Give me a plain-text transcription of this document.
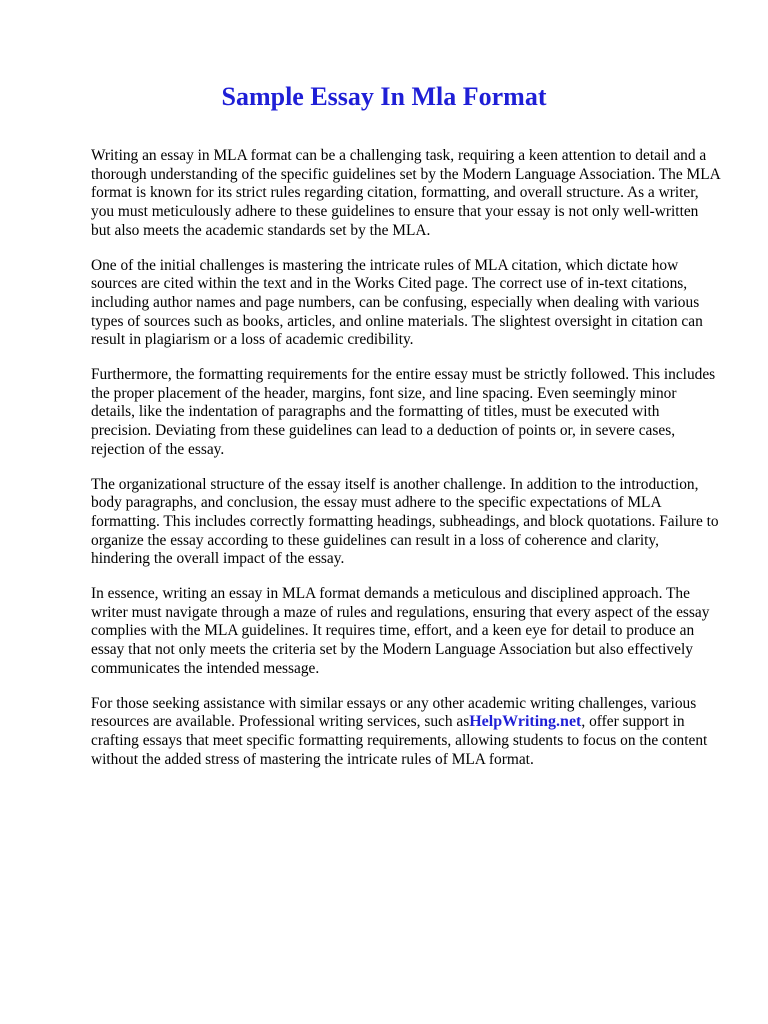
Sample Essay In Mla Format

Writing an essay in MLA format can be a challenging task, requiring a keen attention to detail and a thorough understanding of the specific guidelines set by the Modern Language Association. The MLA format is known for its strict rules regarding citation, formatting, and overall structure. As a writer, you must meticulously adhere to these guidelines to ensure that your essay is not only well-written but also meets the academic standards set by the MLA.

One of the initial challenges is mastering the intricate rules of MLA citation, which dictate how sources are cited within the text and in the Works Cited page. The correct use of in-text citations, including author names and page numbers, can be confusing, especially when dealing with various types of sources such as books, articles, and online materials. The slightest oversight in citation can result in plagiarism or a loss of academic credibility.

Furthermore, the formatting requirements for the entire essay must be strictly followed. This includes the proper placement of the header, margins, font size, and line spacing. Even seemingly minor details, like the indentation of paragraphs and the formatting of titles, must be executed with precision. Deviating from these guidelines can lead to a deduction of points or, in severe cases, rejection of the essay.

The organizational structure of the essay itself is another challenge. In addition to the introduction, body paragraphs, and conclusion, the essay must adhere to the specific expectations of MLA formatting. This includes correctly formatting headings, subheadings, and block quotations. Failure to organize the essay according to these guidelines can result in a loss of coherence and clarity, hindering the overall impact of the essay.

In essence, writing an essay in MLA format demands a meticulous and disciplined approach. The writer must navigate through a maze of rules and regulations, ensuring that every aspect of the essay complies with the MLA guidelines. It requires time, effort, and a keen eye for detail to produce an essay that not only meets the criteria set by the Modern Language Association but also effectively communicates the intended message.

For those seeking assistance with similar essays or any other academic writing challenges, various resources are available. Professional writing services, such asHelpWriting.net, offer support in crafting essays that meet specific formatting requirements, allowing students to focus on the content without the added stress of mastering the intricate rules of MLA format.
